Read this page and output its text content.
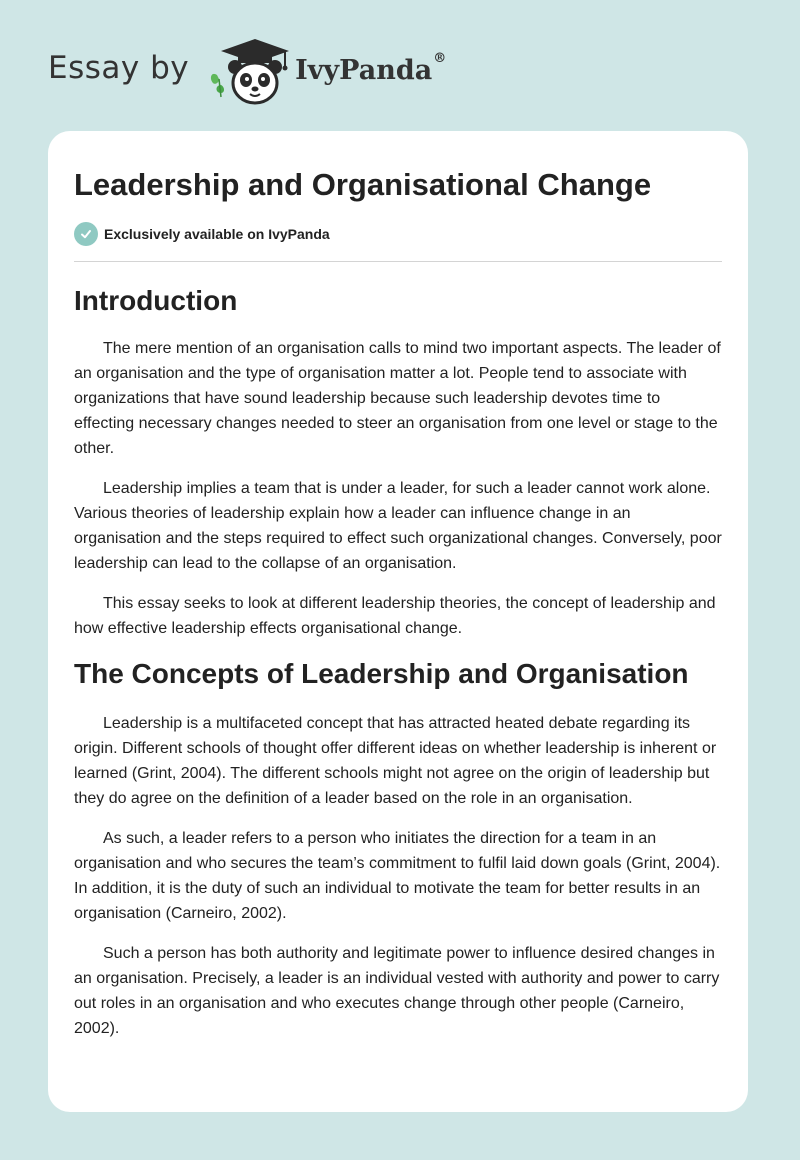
Essay by	IvyPanda®
Leadership and Organisational Change
Exclusively available on IvyPanda
Introduction

The mere mention of an organisation calls to mind two important aspects. The leader of an organisation and the type of organisation matter a lot. People tend to associate with organizations that have sound leadership because such leadership devotes time to effecting necessary changes needed to steer an organisation from one level or stage to the other.

Leadership implies a team that is under a leader, for such a leader cannot work alone. Various theories of leadership explain how a leader can influence change in an organisation and the steps required to effect such organizational changes. Conversely, poor leadership can lead to the collapse of an organisation.

This essay seeks to look at different leadership theories, the concept of leadership and how effective leadership effects organisational change.

The Concepts of Leadership and Organisation

Leadership is a multifaceted concept that has attracted heated debate regarding its origin. Different schools of thought offer different ideas on whether leadership is inherent or learned (Grint, 2004). The different schools might not agree on the origin of leadership but they do agree on the definition of a leader based on the role in an organisation.

As such, a leader refers to a person who initiates the direction for a team in an organisation and who secures the team’s commitment to fulfil laid down goals (Grint, 2004). In addition, it is the duty of such an individual to motivate the team for better results in an organisation (Carneiro, 2002).

Such a person has both authority and legitimate power to influence desired changes in an organisation. Precisely, a leader is an individual vested with authority and power to carry out roles in an organisation and who executes change through other people (Carneiro, 2002).
